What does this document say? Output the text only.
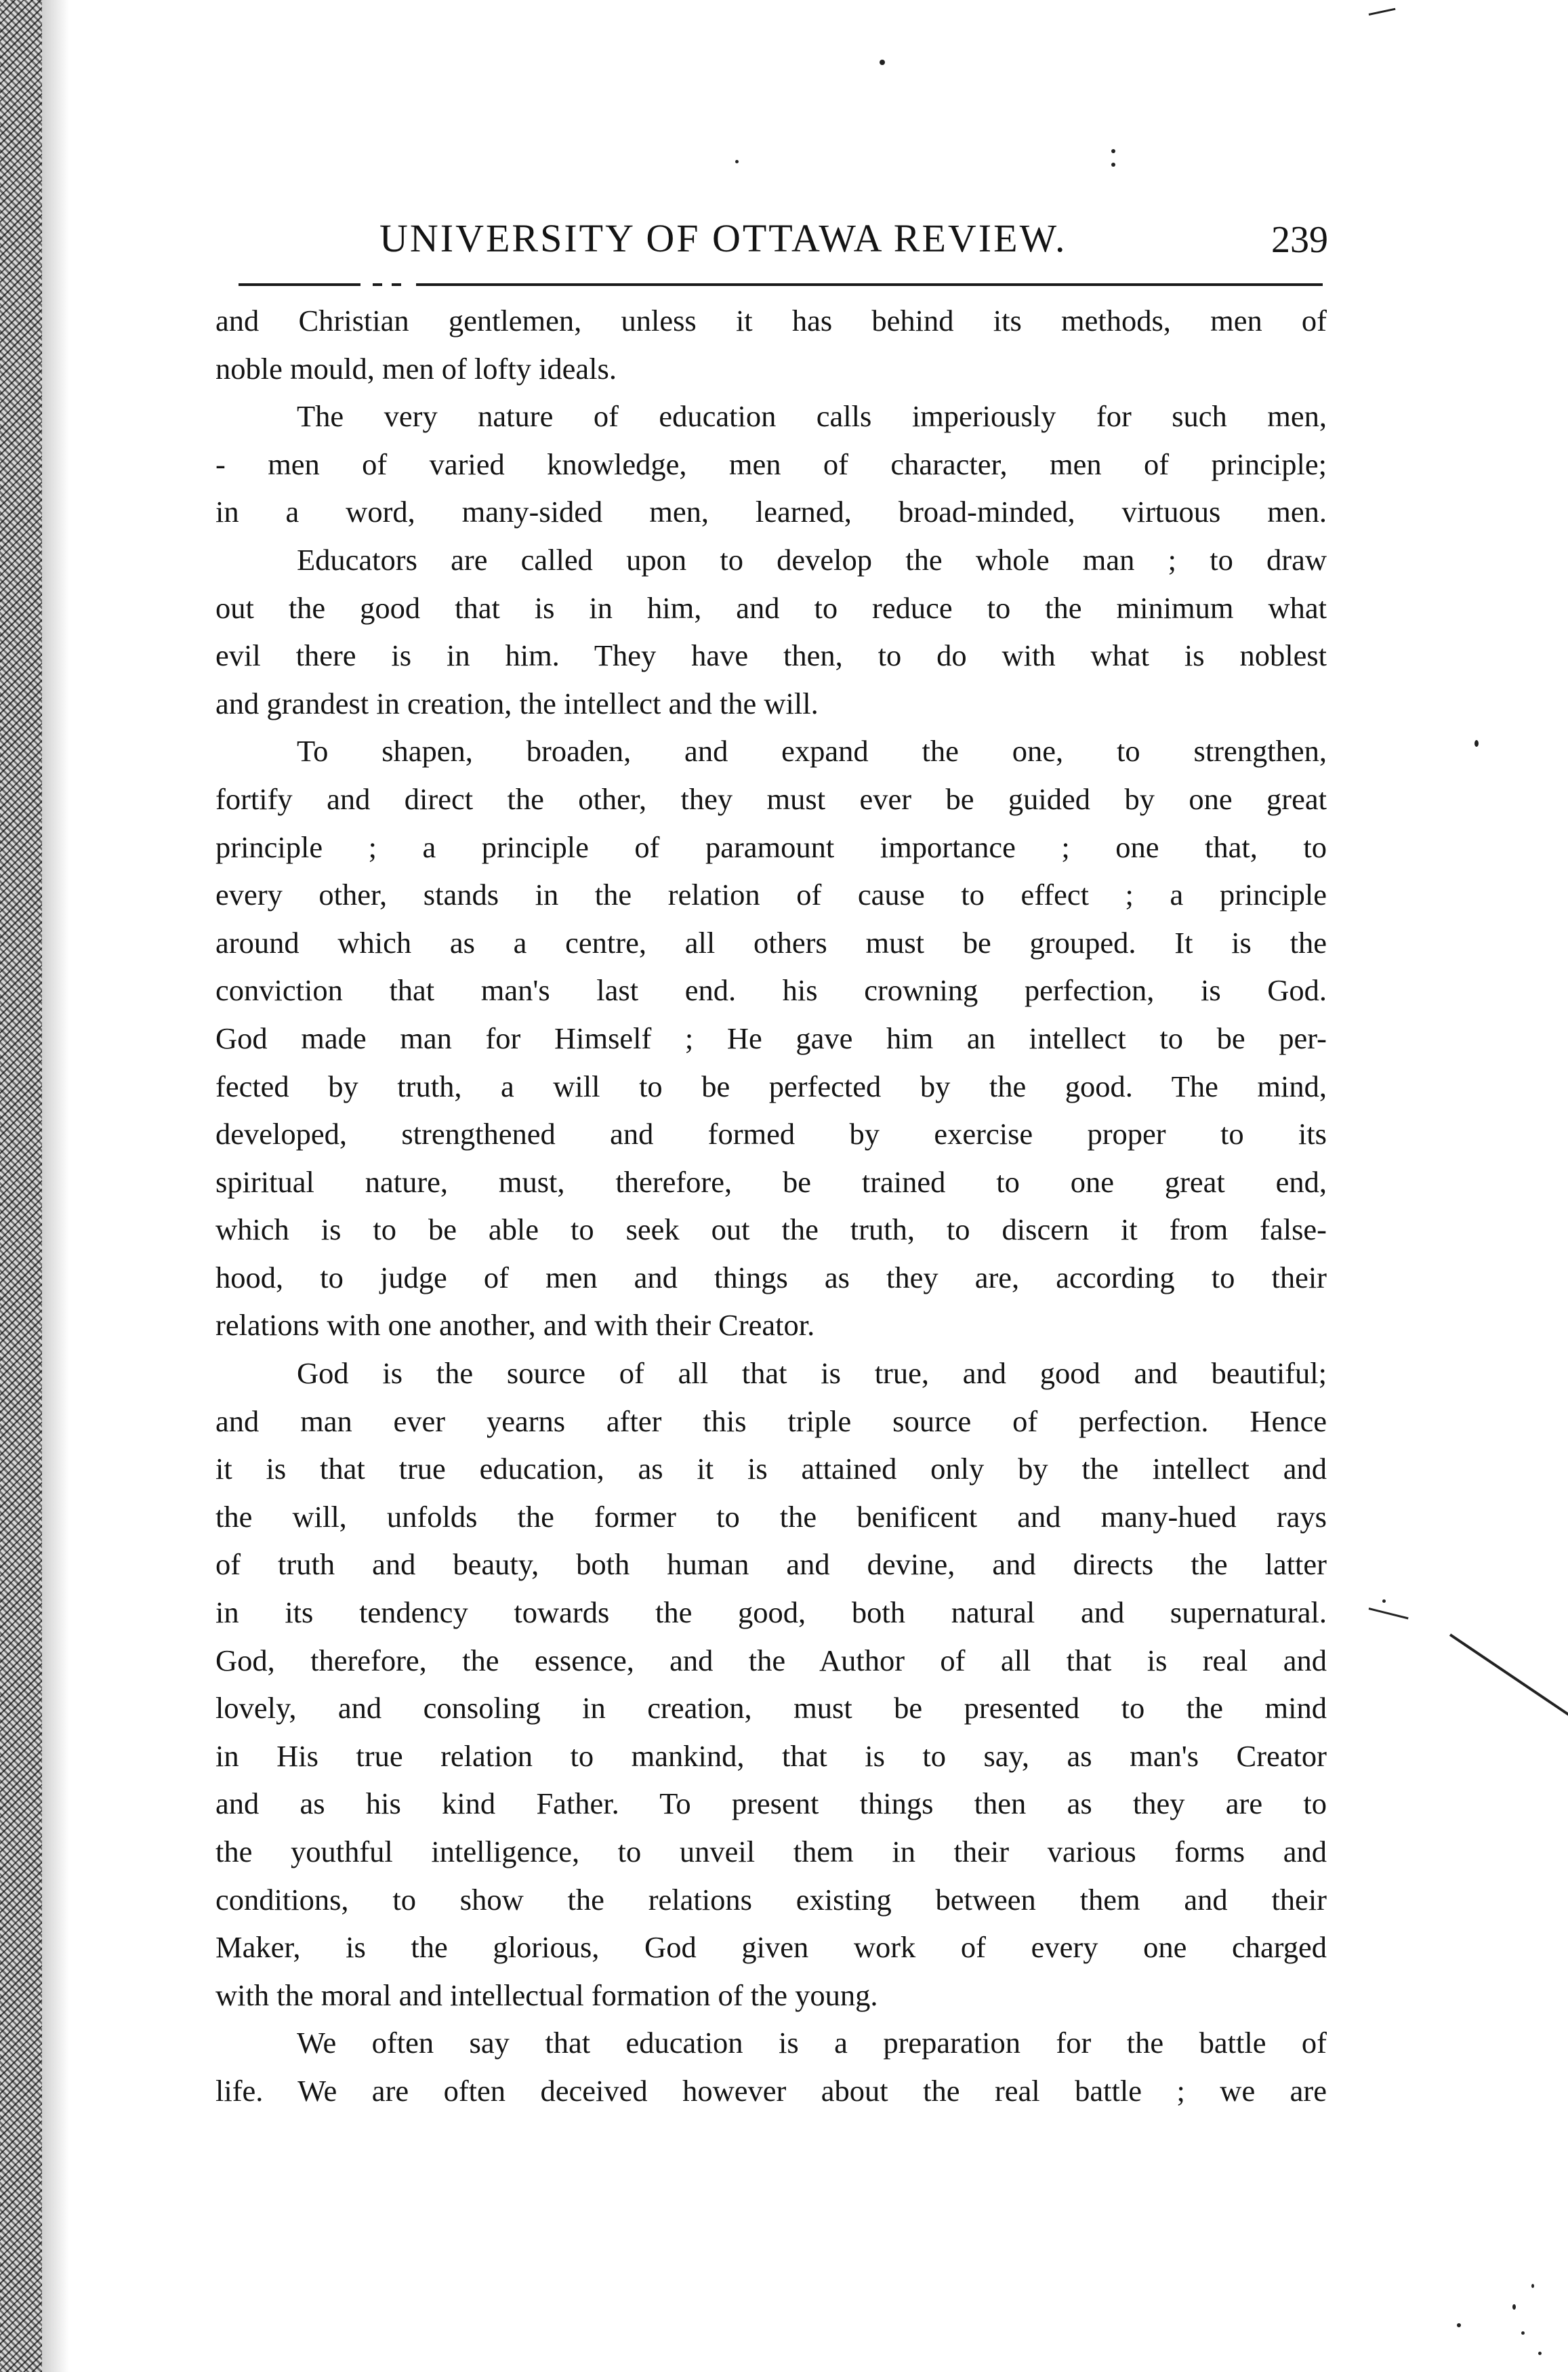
UNIVERSITY OF OTTAWA REVIEW.	239

and Christian gentlemen, unless it has behind its methods, men of
noble mould, men of lofty ideals.

The very nature of education calls imperiously for such men,
- men of varied knowledge, men of character, men of principle;
in a word, many-sided men, learned, broad-minded, virtuous men.

Educators are called upon to develop the whole man ; to draw
out the good that is in him, and to reduce to the minimum what
evil there is in him. They have then, to do with what is noblest
and grandest in creation, the intellect and the will.

To shapen, broaden, and expand the one, to strengthen,
fortify and direct the other, they must ever be guided by one great
principle ; a principle of paramount importance ; one that, to
every other, stands in the relation of cause to effect ; a principle
around which as a centre, all others must be grouped. It is the
conviction that man's last end. his crowning perfection, is God.
God made man for Himself ; He gave him an intellect to be per-
fected by truth, a will to be perfected by the good. The mind,
developed, strengthened and formed by exercise proper to its
spiritual nature, must, therefore, be trained to one great end,
which is to be able to seek out the truth, to discern it from false-
hood, to judge of men and things as they are, according to their
relations with one another, and with their Creator.

God is the source of all that is true, and good and beautiful;
and man ever yearns after this triple source of perfection. Hence
it is that true education, as it is attained only by the intellect and
the will, unfolds the former to the benificent and many-hued rays
of truth and beauty, both human and devine, and directs the latter
in its tendency towards the good, both natural and supernatural.
God, therefore, the essence, and the Author of all that is real and
lovely, and consoling in creation, must be presented to the mind
in His true relation to mankind, that is to say, as man's Creator
and as his kind Father. To present things then as they are to
the youthful intelligence, to unveil them in their various forms and
conditions, to show the relations existing between them and their
Maker, is the glorious, God given work of every one charged
with the moral and intellectual formation of the young.

We often say that education is a preparation for the battle of
life. We are often deceived however about the real battle ; we are
